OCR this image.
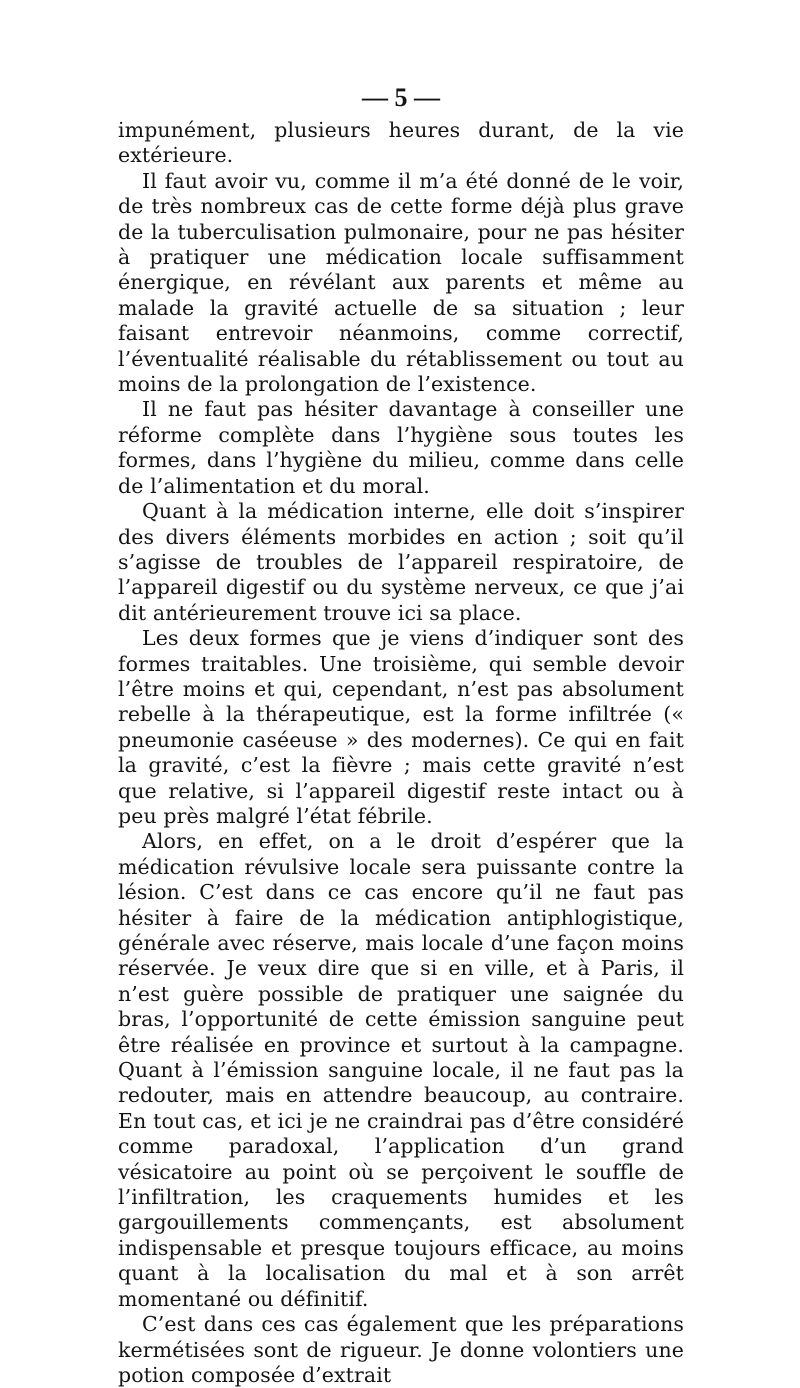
— 5 —

impunément, plusieurs heures durant, de la vie extérieure.

Il faut avoir vu, comme il m’a été donné de le voir, de très nombreux cas de cette forme déjà plus grave de la tuberculisation pulmonaire, pour ne pas hésiter à pratiquer une médication locale suffisamment énergique, en révélant aux parents et même au malade la gravité actuelle de sa situation ; leur faisant entrevoir néanmoins, comme correctif, l’éventualité réalisable du rétablissement ou tout au moins de la prolongation de l’existence.

Il ne faut pas hésiter davantage à conseiller une réforme complète dans l’hygiène sous toutes les formes, dans l’hygiène du milieu, comme dans celle de l’alimentation et du moral.

Quant à la médication interne, elle doit s’inspirer des divers éléments morbides en action ; soit qu’il s’agisse de troubles de l’appareil respiratoire, de l’appareil digestif ou du système nerveux, ce que j’ai dit antérieurement trouve ici sa place.

Les deux formes que je viens d’indiquer sont des formes traitables. Une troisième, qui semble devoir l’être moins et qui, cependant, n’est pas absolument rebelle à la thérapeutique, est la forme infiltrée (« pneumonie caséeuse » des modernes). Ce qui en fait la gravité, c’est la fièvre ; mais cette gravité n’est que relative, si l’appareil digestif reste intact ou à peu près malgré l’état fébrile.

Alors, en effet, on a le droit d’espérer que la médication révulsive locale sera puissante contre la lésion. C’est dans ce cas encore qu’il ne faut pas hésiter à faire de la médication antiphlogistique, générale avec réserve, mais locale d’une façon moins réservée. Je veux dire que si en ville, et à Paris, il n’est guère possible de pratiquer une saignée du bras, l’opportunité de cette émission sanguine peut être réalisée en province et surtout à la campagne. Quant à l’émission sanguine locale, il ne faut pas la redouter, mais en attendre beaucoup, au contraire. En tout cas, et ici je ne craindrai pas d’être considéré comme paradoxal, l’application d’un grand vésicatoire au point où se perçoivent le souffle de l’infiltration, les craquements humides et les gargouillements commençants, est absolument indispensable et presque toujours efficace, au moins quant à la localisation du mal et à son arrêt momentané ou définitif.

C’est dans ces cas également que les préparations kermétisées sont de rigueur. Je donne volontiers une potion composée d’extrait
